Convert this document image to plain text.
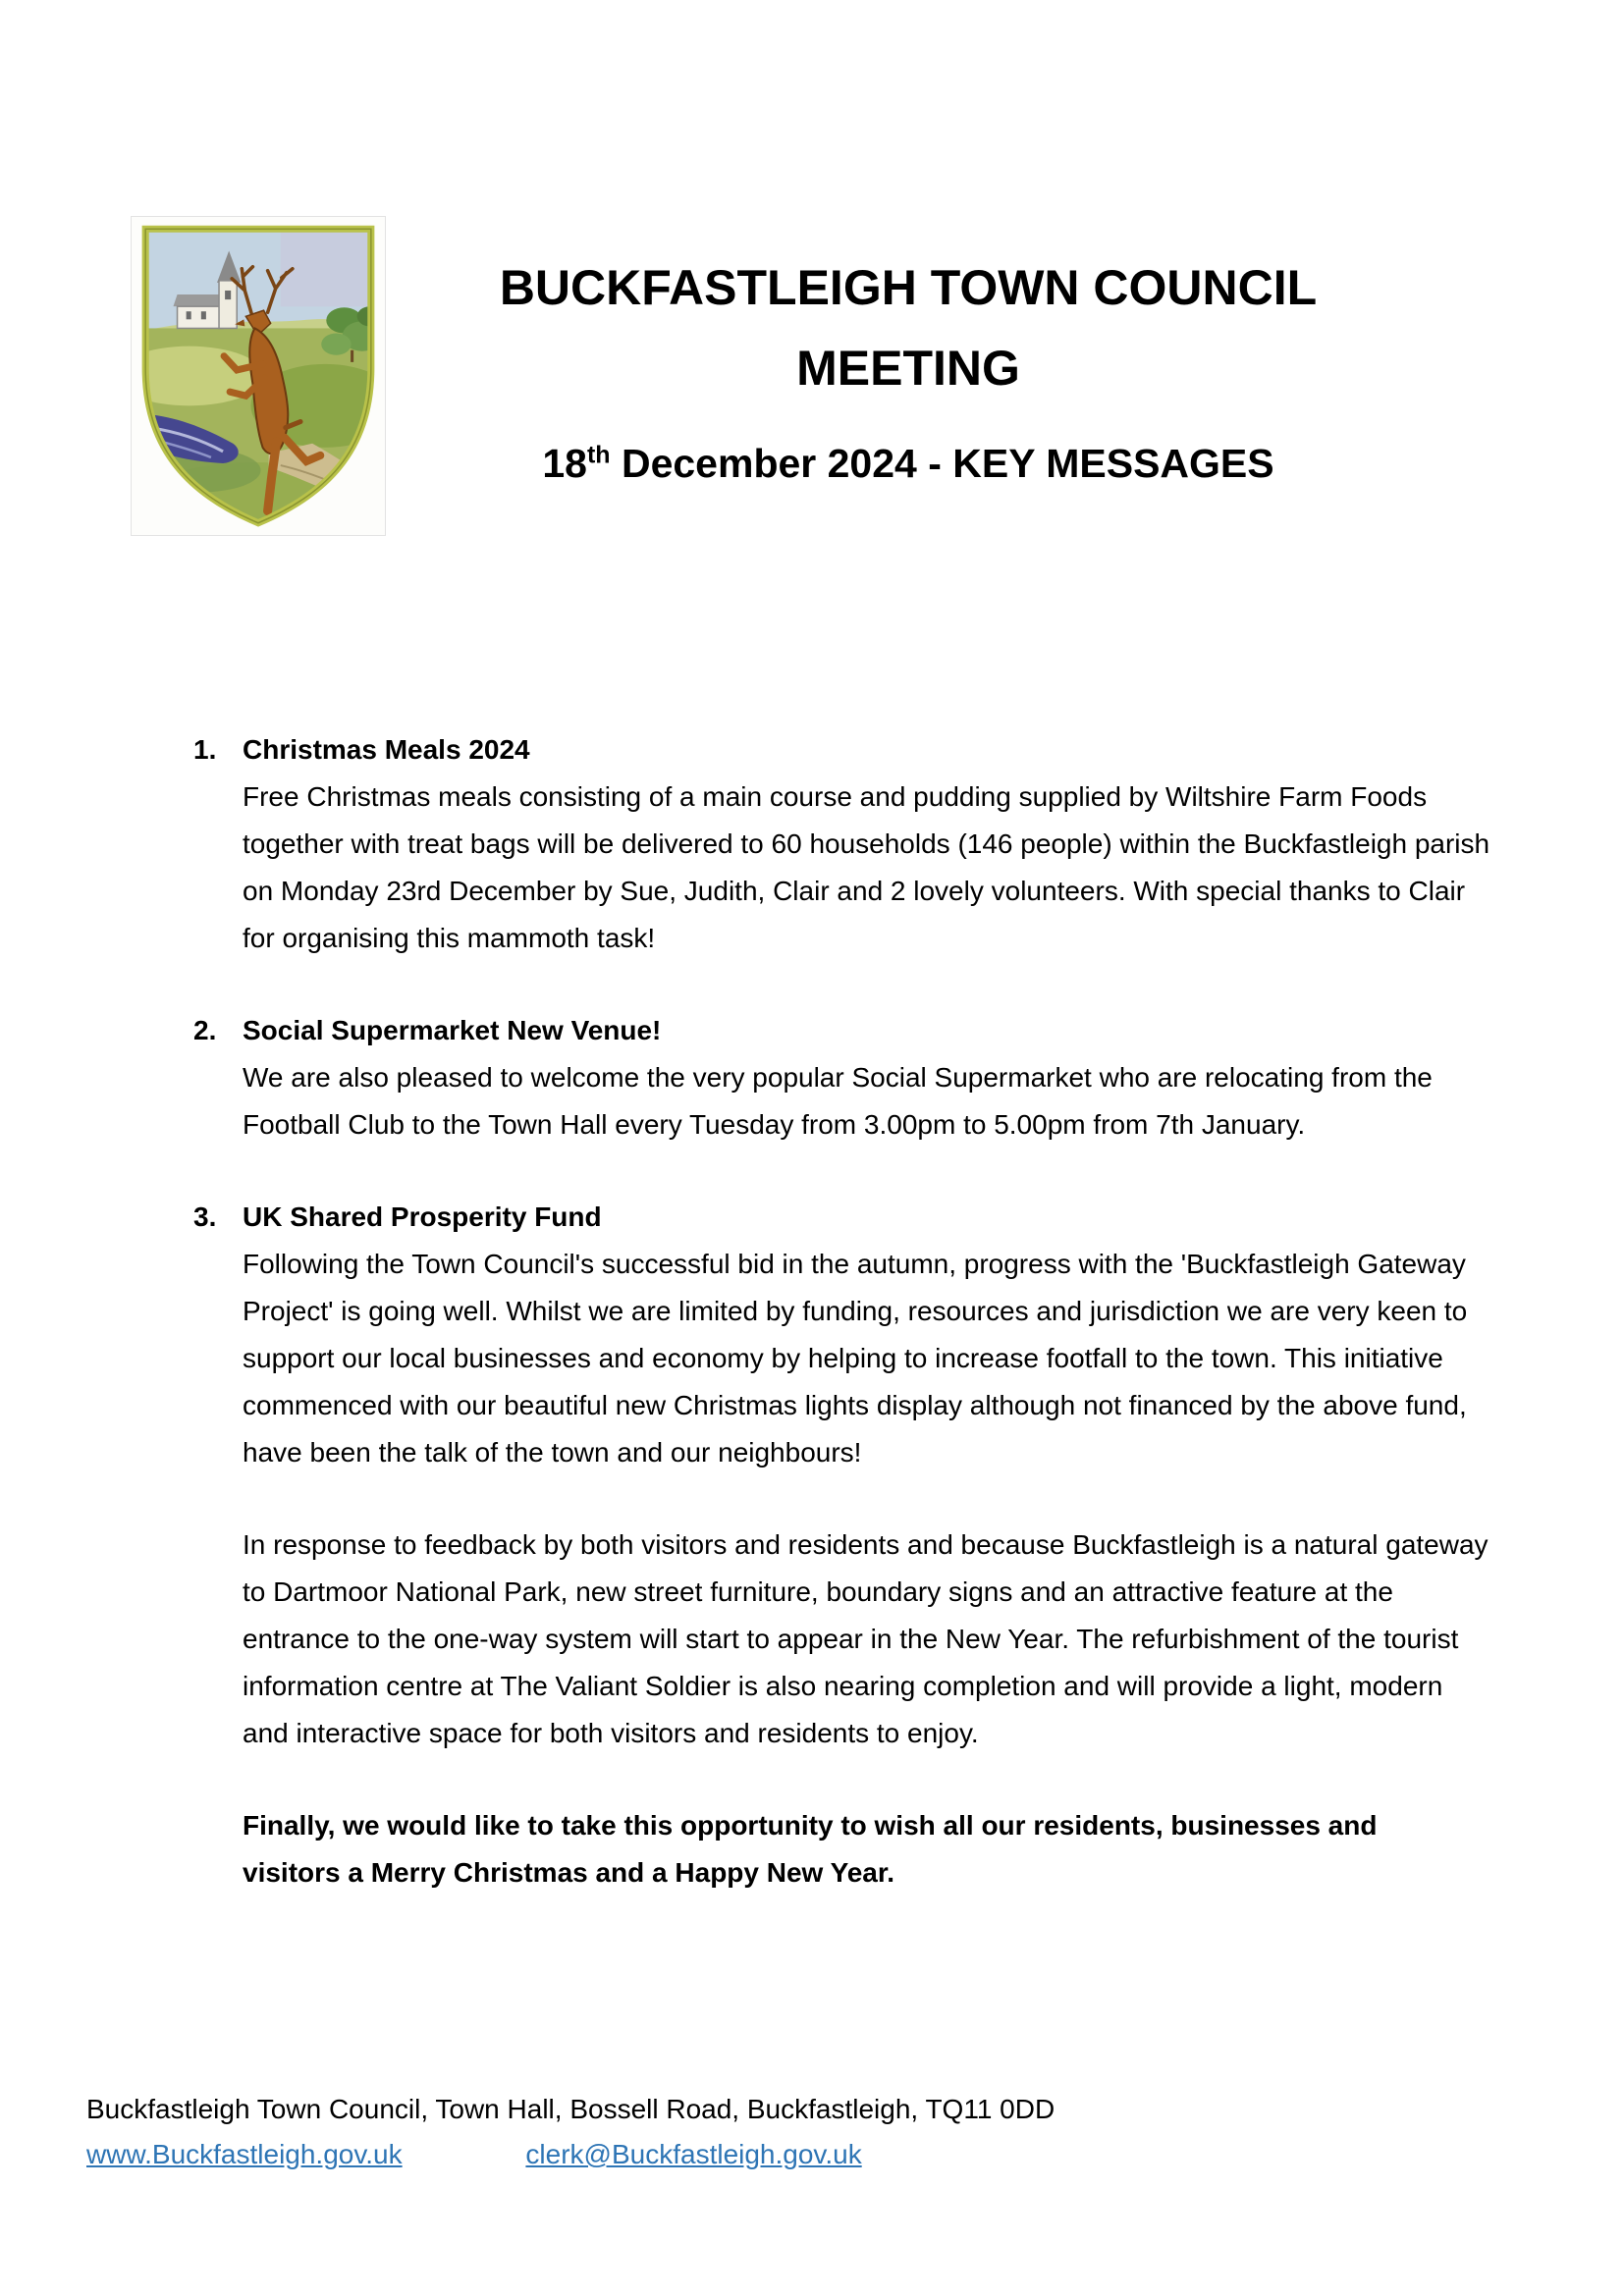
BUCKFASTLEIGH TOWN COUNCIL
MEETING
18th December 2024 - KEY MESSAGES
1. Christmas Meals 2024

Free Christmas meals consisting of a main course and pudding supplied by Wiltshire Farm Foods together with treat bags will be delivered to 60 households (146 people) within the Buckfastleigh parish on Monday 23rd December by Sue, Judith, Clair and 2 lovely volunteers. With special thanks to Clair for organising this mammoth task!

2. Social Supermarket New Venue!

We are also pleased to welcome the very popular Social Supermarket who are relocating from the Football Club to the Town Hall every Tuesday from 3.00pm to 5.00pm from 7th January.

3. UK Shared Prosperity Fund

Following the Town Council's successful bid in the autumn, progress with the 'Buckfastleigh Gateway Project' is going well. Whilst we are limited by funding, resources and jurisdiction we are very keen to support our local businesses and economy by helping to increase footfall to the town. This initiative commenced with our beautiful new Christmas lights display although not financed by the above fund, have been the talk of the town and our neighbours!

In response to feedback by both visitors and residents and because Buckfastleigh is a natural gateway to Dartmoor National Park, new street furniture, boundary signs and an attractive feature at the entrance to the one-way system will start to appear in the New Year. The refurbishment of the tourist information centre at The Valiant Soldier is also nearing completion and will provide a light, modern and interactive space for both visitors and residents to enjoy.

Finally, we would like to take this opportunity to wish all our residents, businesses and visitors a Merry Christmas and a Happy New Year.

Buckfastleigh Town Council, Town Hall, Bossell Road, Buckfastleigh, TQ11 0DD
www.Buckfastleigh.gov.uk	clerk@Buckfastleigh.gov.uk
